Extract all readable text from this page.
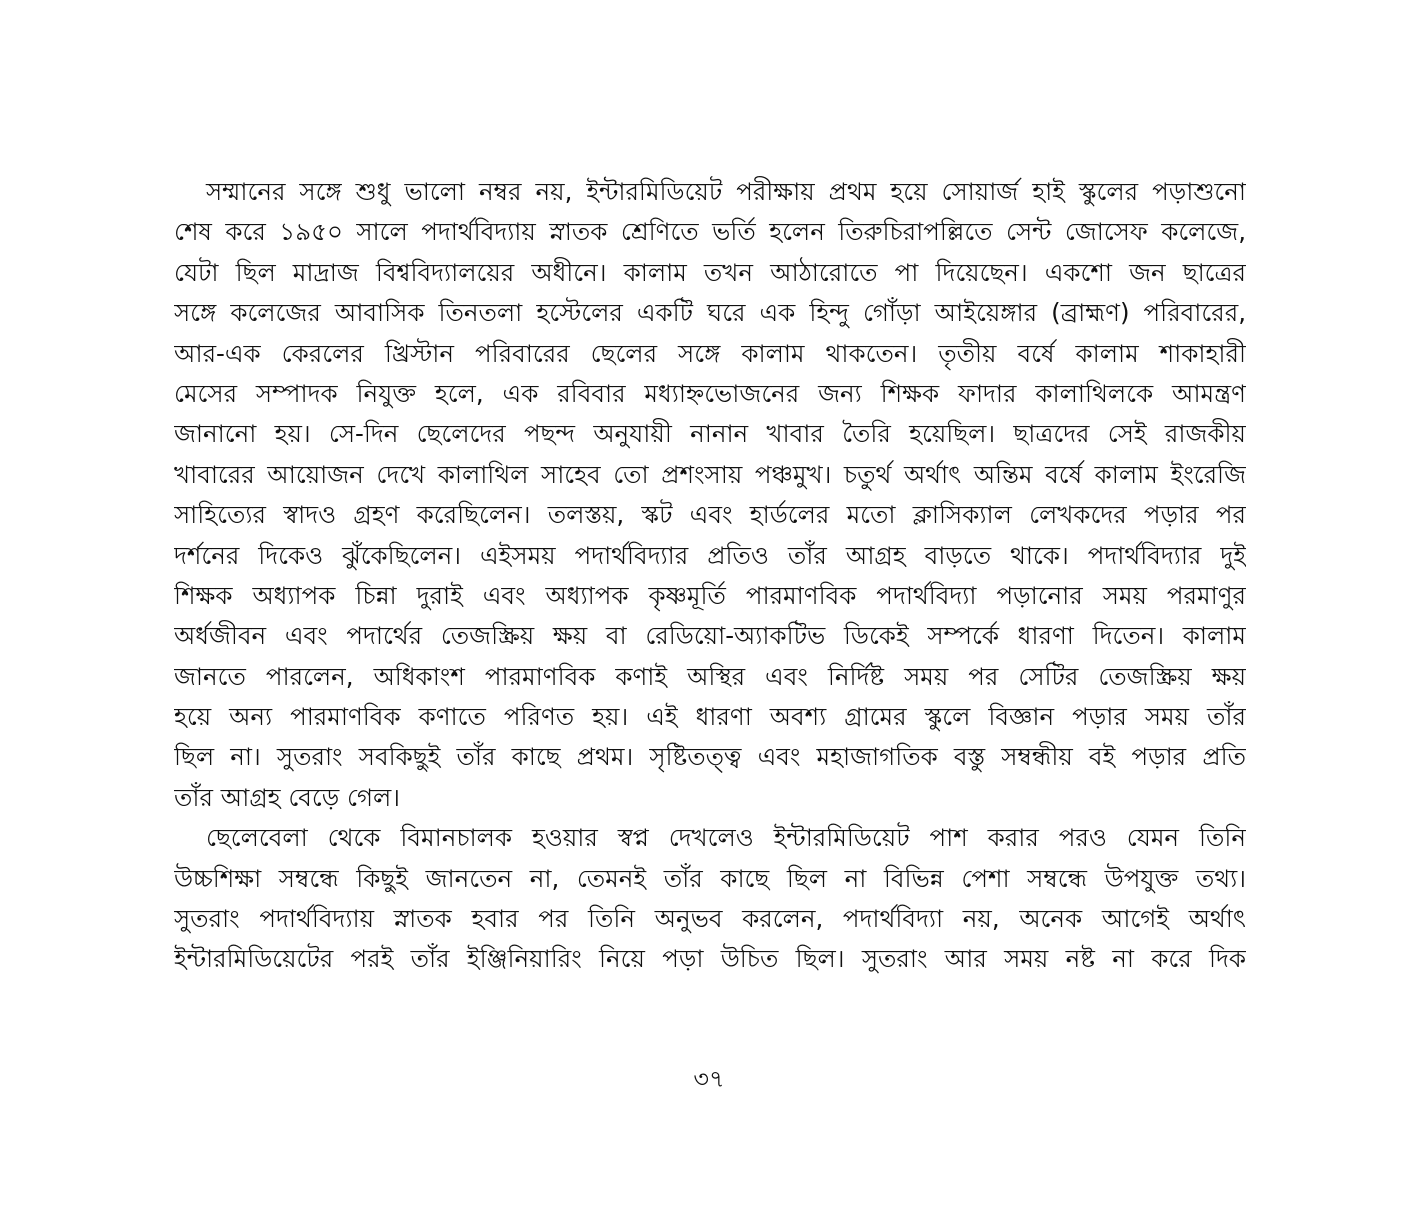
সম্মানের সঙ্গে শুধু ভালো নম্বর নয়, ইন্টারমিডিয়েট পরীক্ষায় প্রথম হয়ে সোয়ার্জ হাই স্কুলের পড়াশুনো
শেষ করে ১৯৫০ সালে পদার্থবিদ্যায় স্নাতক শ্রেণিতে ভর্তি হলেন তিরুচিরাপল্লিতে সেন্ট জোসেফ কলেজে,
যেটা ছিল মাদ্রাজ বিশ্ববিদ্যালয়ের অধীনে। কালাম তখন আঠারোতে পা দিয়েছেন। একশো জন ছাত্রের
সঙ্গে কলেজের আবাসিক তিনতলা হস্টেলের একটি ঘরে এক হিন্দু গোঁড়া আইয়েঙ্গার (ব্রাহ্মণ) পরিবারের,
আর-এক কেরলের খ্রিস্টান পরিবারের ছেলের সঙ্গে কালাম থাকতেন। তৃতীয় বর্ষে কালাম শাকাহারী
মেসের সম্পাদক নিযুক্ত হলে, এক রবিবার মধ্যাহ্নভোজনের জন্য শিক্ষক ফাদার কালাথিলকে আমন্ত্রণ
জানানো হয়। সে-দিন ছেলেদের পছন্দ অনুযায়ী নানান খাবার তৈরি হয়েছিল। ছাত্রদের সেই রাজকীয়
খাবারের আয়োজন দেখে কালাথিল সাহেব তো প্রশংসায় পঞ্চমুখ। চতুর্থ অর্থাৎ অন্তিম বর্ষে কালাম ইংরেজি
সাহিত্যের স্বাদও গ্রহণ করেছিলেন। তলস্তয়, স্কট এবং হার্ডলের মতো ক্লাসিক্যাল লেখকদের পড়ার পর
দর্শনের দিকেও ঝুঁকেছিলেন। এইসময় পদার্থবিদ্যার প্রতিও তাঁর আগ্রহ বাড়তে থাকে। পদার্থবিদ্যার দুই
শিক্ষক অধ্যাপক চিন্না দুরাই এবং অধ্যাপক কৃষ্ণমূর্তি পারমাণবিক পদার্থবিদ্যা পড়ানোর সময় পরমাণুর
অর্ধজীবন এবং পদার্থের তেজস্ক্রিয় ক্ষয় বা রেডিয়ো-অ্যাকটিভ ডিকেই সম্পর্কে ধারণা দিতেন। কালাম
জানতে পারলেন, অধিকাংশ পারমাণবিক কণাই অস্থির এবং নির্দিষ্ট সময় পর সেটির তেজস্ক্রিয় ক্ষয়
হয়ে অন্য পারমাণবিক কণাতে পরিণত হয়। এই ধারণা অবশ্য গ্রামের স্কুলে বিজ্ঞান পড়ার সময় তাঁর
ছিল না। সুতরাং সবকিছুই তাঁর কাছে প্রথম। সৃষ্টিতত্ত্ব এবং মহাজাগতিক বস্তু সম্বন্ধীয় বই পড়ার প্রতি
তাঁর আগ্রহ বেড়ে গেল।
ছেলেবেলা থেকে বিমানচালক হওয়ার স্বপ্ন দেখলেও ইন্টারমিডিয়েট পাশ করার পরও যেমন তিনি
উচ্চশিক্ষা সম্বন্ধে কিছুই জানতেন না, তেমনই তাঁর কাছে ছিল না বিভিন্ন পেশা সম্বন্ধে উপযুক্ত তথ্য।
সুতরাং পদার্থবিদ্যায় স্নাতক হবার পর তিনি অনুভব করলেন, পদার্থবিদ্যা নয়, অনেক আগেই অর্থাৎ
ইন্টারমিডিয়েটের পরই তাঁর ইঞ্জিনিয়ারিং নিয়ে পড়া উচিত ছিল। সুতরাং আর সময় নষ্ট না করে দিক
৩৭
